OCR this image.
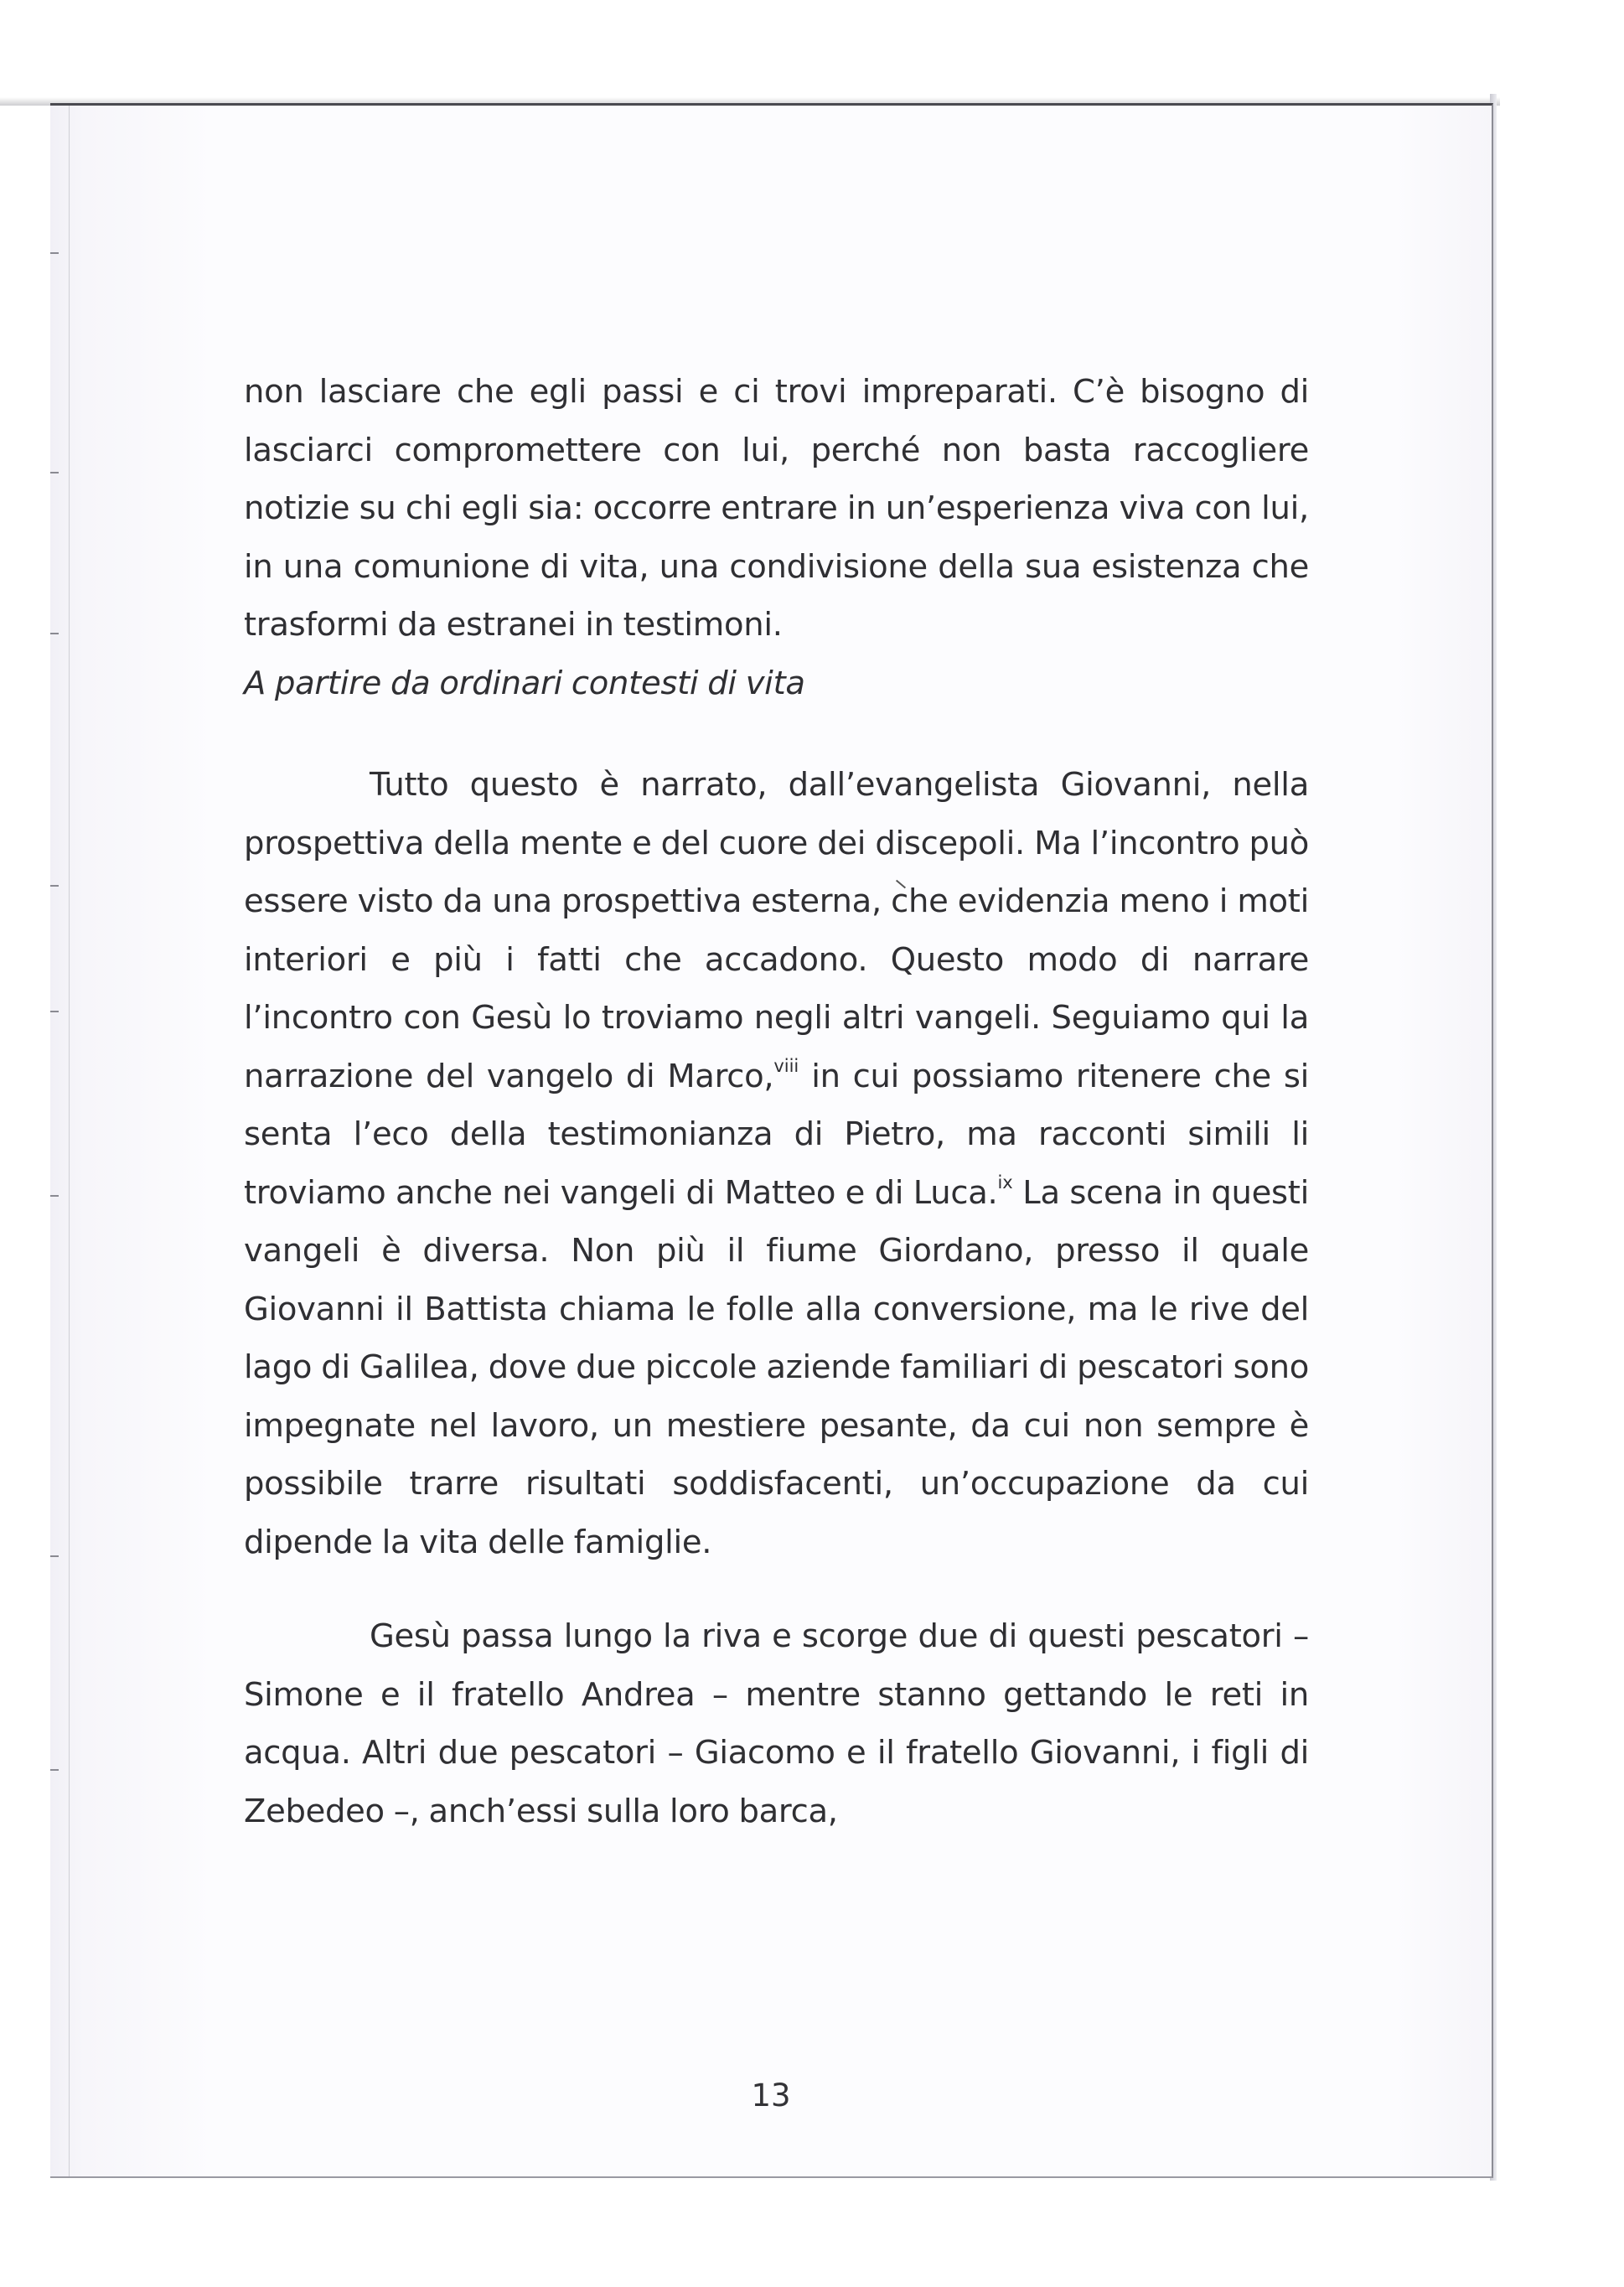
non lasciare che egli passi e ci trovi impreparati. C’è bisogno di lasciarci compromettere con lui, perché non basta raccogliere notizie su chi egli sia: occorre entrare in un’esperienza viva con lui, in una comunione di vita, una condivisione della sua esistenza che trasformi da estranei in testimoni.

A partire da ordinari contesti di vita

Tutto questo è narrato, dall’evangelista Giovanni, nella prospettiva della mente e del cuore dei discepoli. Ma l’incontro può essere visto da una prospettiva esterna, che evidenzia meno i moti interiori e più i fatti che accadono. Questo modo di narrare l’incontro con Gesù lo troviamo negli altri vangeli. Seguiamo qui la narrazione del vangelo di Marco,$^{viii}$ in cui possiamo ritenere che si senta l’eco della testimonianza di Pietro, ma racconti simili li troviamo anche nei vangeli di Matteo e di Luca.$^{ix}$ La scena in questi vangeli è diversa. Non più il fiume Giordano, presso il quale Giovanni il Battista chiama le folle alla conversione, ma le rive del lago di Galilea, dove due piccole aziende familiari di pescatori sono impegnate nel lavoro, un mestiere pesante, da cui non sempre è possibile trarre risultati soddisfacenti, un’occupazione da cui dipende la vita delle famiglie.

Gesù passa lungo la riva e scorge due di questi pescatori – Simone e il fratello Andrea – mentre stanno gettando le reti in acqua. Altri due pescatori – Giacomo e il fratello Giovanni, i figli di Zebedeo –, anch’essi sulla loro barca,

13
